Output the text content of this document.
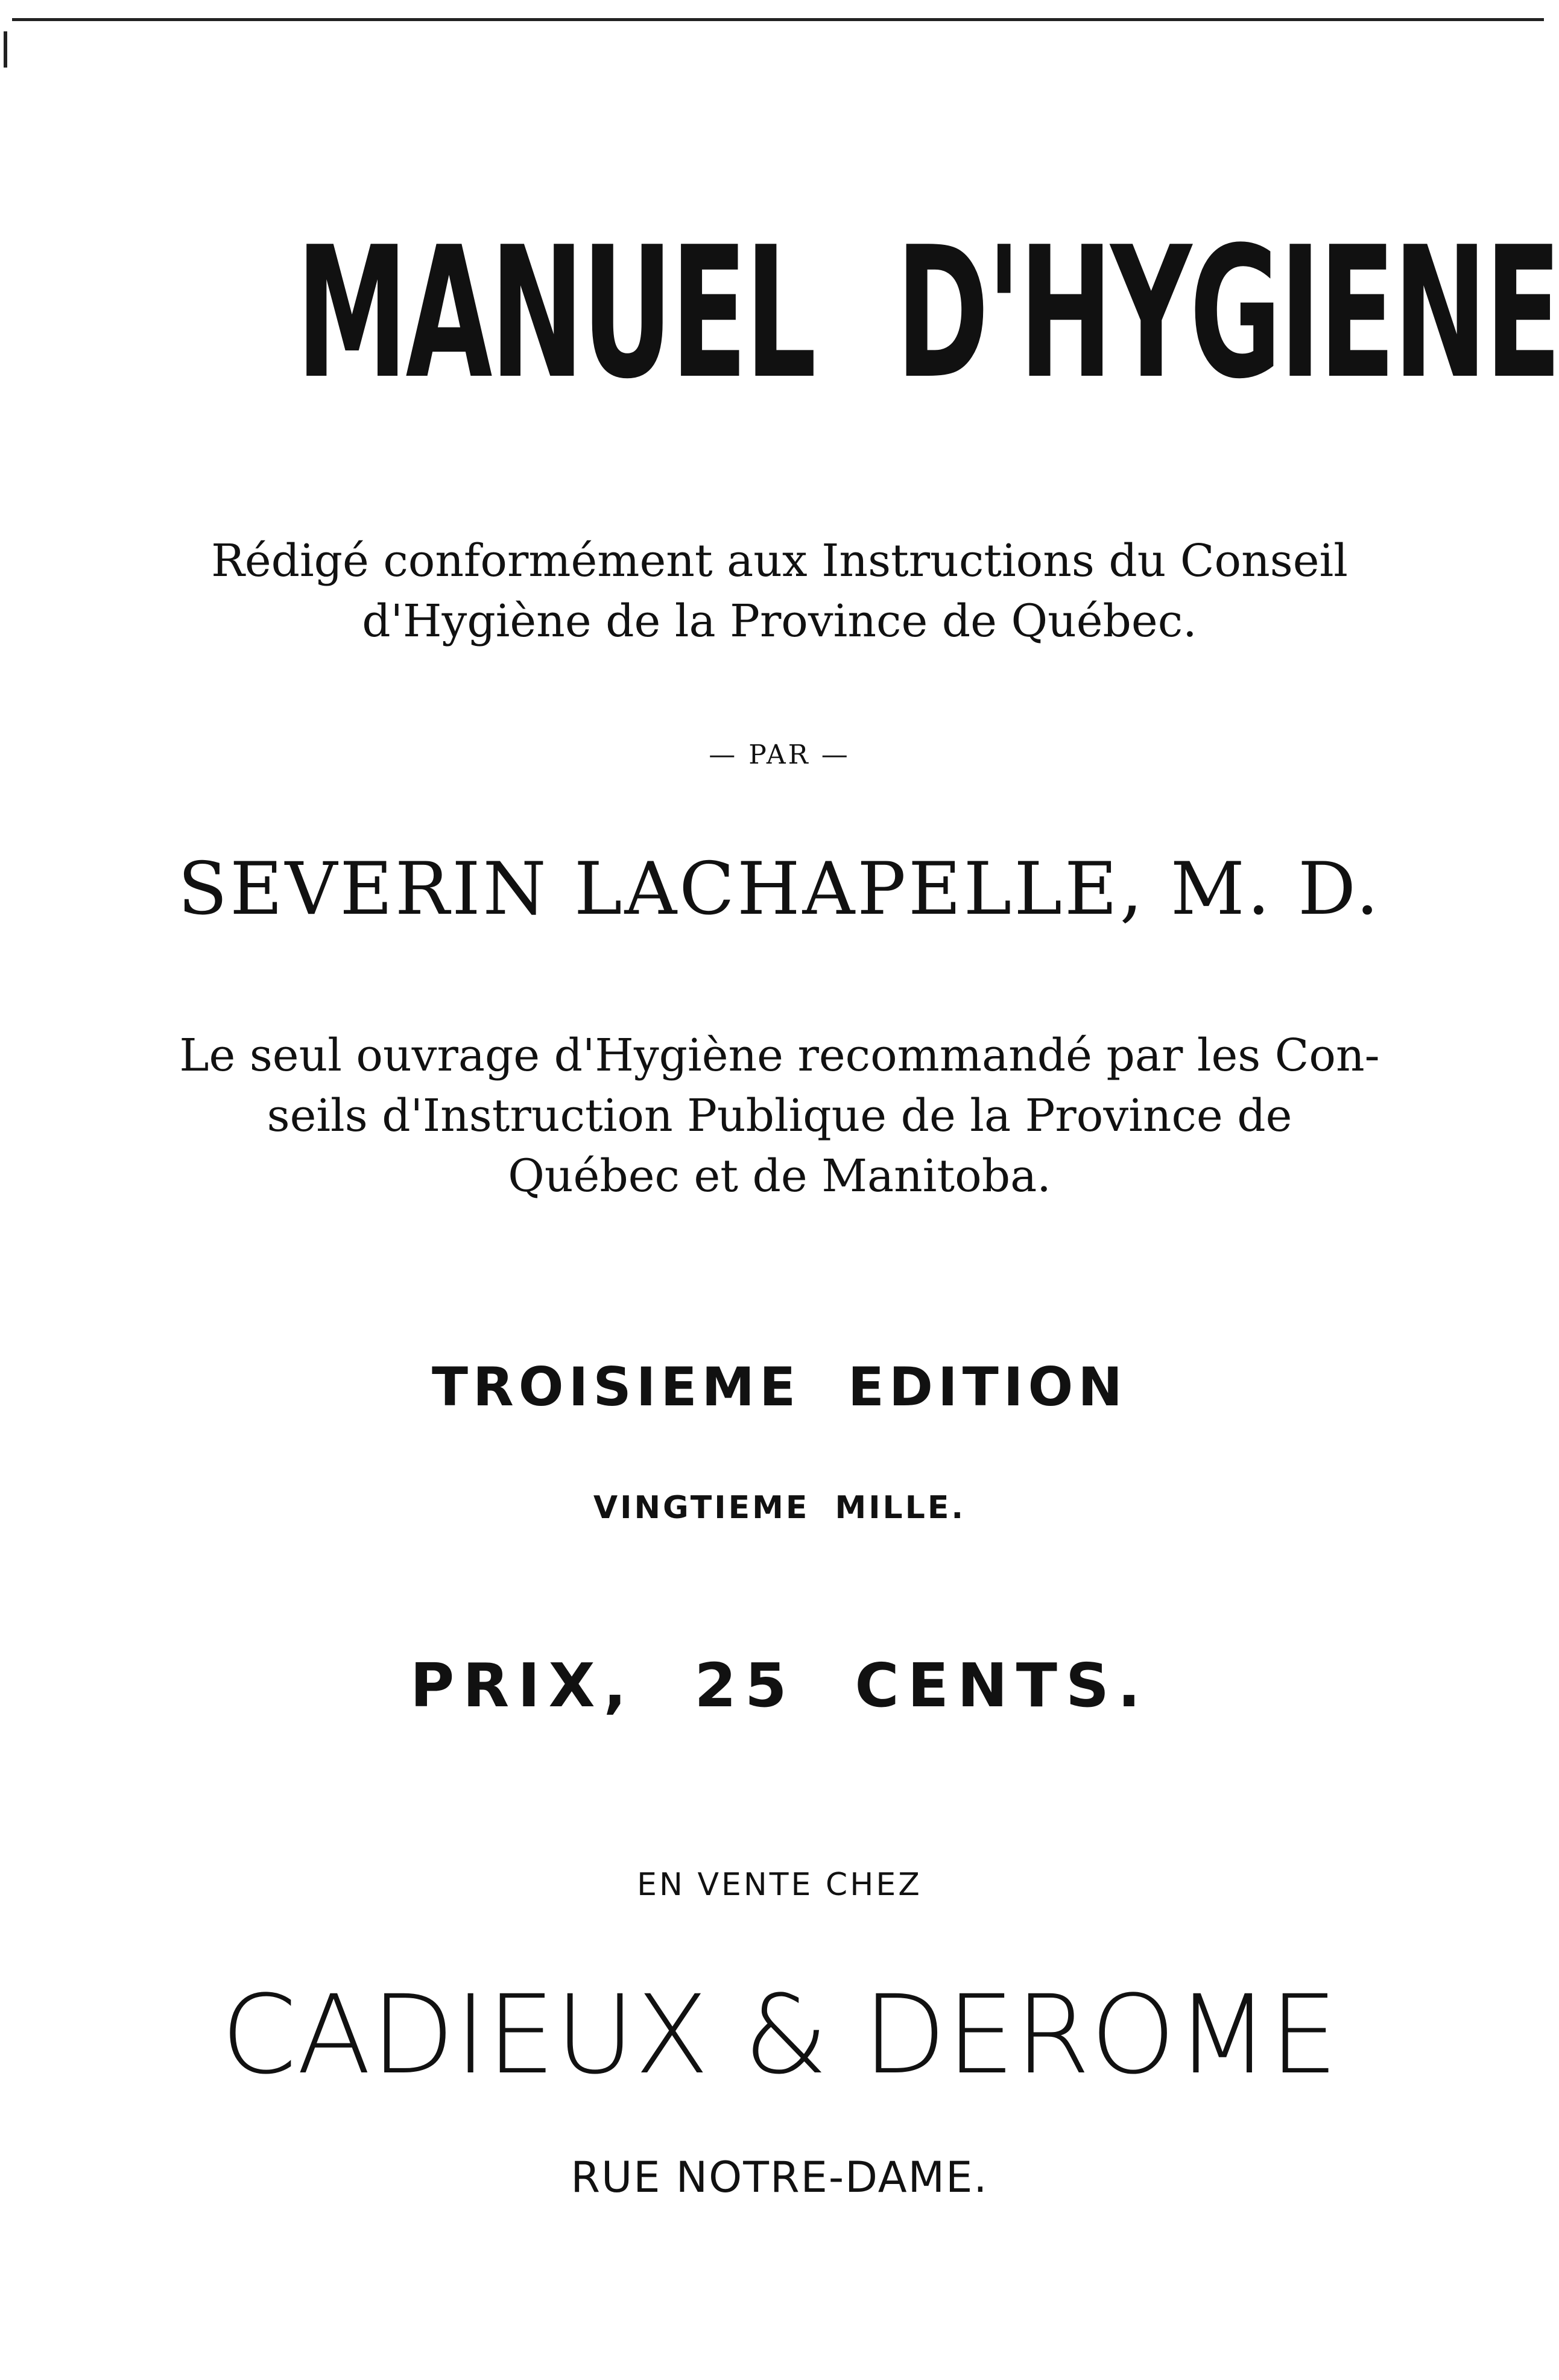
MANUEL D'HYGIENE
Rédigé conformément aux Instructions du Conseil
d'Hygiène de la Province de Québec.
— PAR —
SEVERIN LACHAPELLE, M. D.
Le seul ouvrage d'Hygiène recommandé par les Con-
seils d'Instruction Publique de la Province de
Québec et de Manitoba.
TROISIEME EDITION
VINGTIEME MILLE.
PRIX, 25 CENTS.
EN VENTE CHEZ
CADIEUX & DEROME
RUE NOTRE-DAME.
